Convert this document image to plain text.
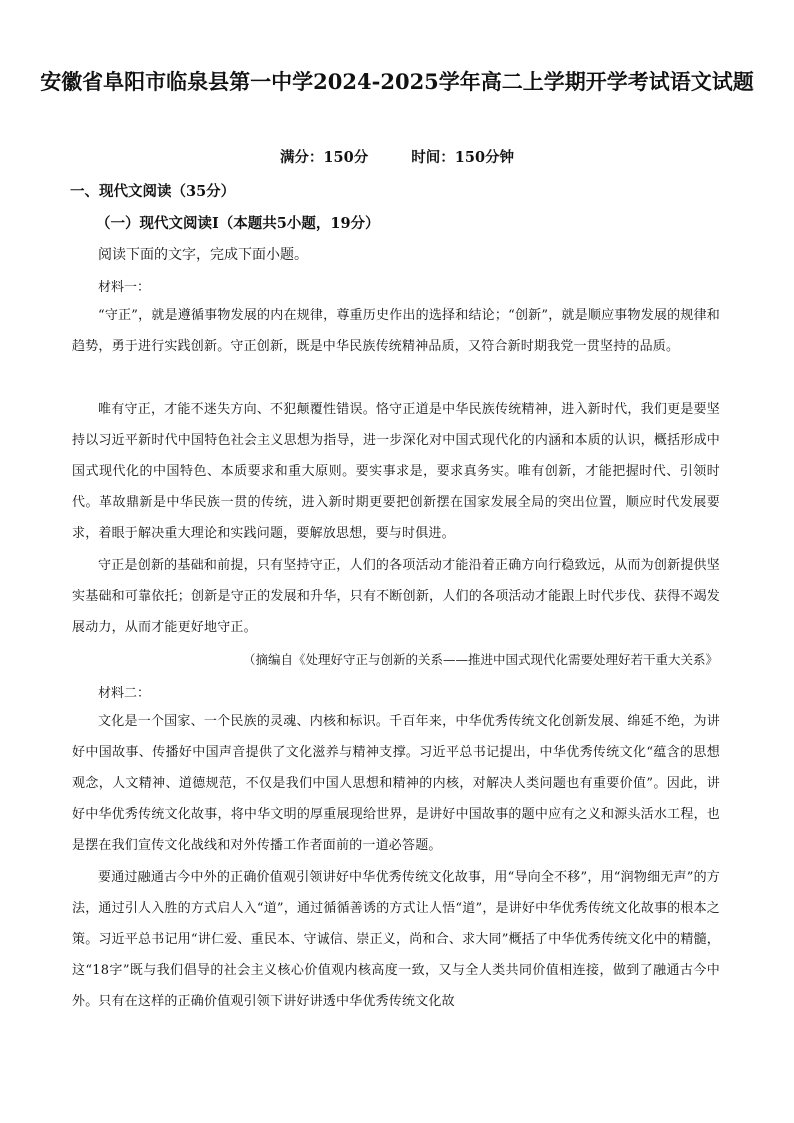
安徽省阜阳市临泉县第一中学2024-2025学年高二上学期开学考试语文试题
满分：150分	时间：150分钟
一、现代文阅读（35分）
（一）现代文阅读Ⅰ（本题共5小题，19分）
阅读下面的文字，完成下面小题。
材料一：
“守正”，就是遵循事物发展的内在规律，尊重历史作出的选择和结论；“创新”，就是顺应事物发展的规律和趋势，勇于进行实践创新。守正创新，既是中华民族传统精神品质，又符合新时期我党一贯坚持的品质。
唯有守正，才能不迷失方向、不犯颠覆性错误。恪守正道是中华民族传统精神，进入新时代，我们更是要坚持以习近平新时代中国特色社会主义思想为指导，进一步深化对中国式现代化的内涵和本质的认识，概括形成中国式现代化的中国特色、本质要求和重大原则。要实事求是，要求真务实。唯有创新，才能把握时代、引领时代。革故鼎新是中华民族一贯的传统，进入新时期更要把创新摆在国家发展全局的突出位置，顺应时代发展要求，着眼于解决重大理论和实践问题，要解放思想，要与时俱进。
守正是创新的基础和前提，只有坚持守正，人们的各项活动才能沿着正确方向行稳致远，从而为创新提供坚实基础和可靠依托；创新是守正的发展和升华，只有不断创新，人们的各项活动才能跟上时代步伐、获得不竭发展动力，从而才能更好地守正。
（摘编自《处理好守正与创新的关系——推进中国式现代化需要处理好若干重大关系》
材料二：
文化是一个国家、一个民族的灵魂、内核和标识。千百年来，中华优秀传统文化创新发展、绵延不绝，为讲好中国故事、传播好中国声音提供了文化滋养与精神支撑。习近平总书记提出，中华优秀传统文化“蕴含的思想观念，人文精神、道德规范，不仅是我们中国人思想和精神的内核，对解决人类问题也有重要价值”。因此，讲好中华优秀传统文化故事，将中华文明的厚重展现给世界，是讲好中国故事的题中应有之义和源头活水工程，也是摆在我们宣传文化战线和对外传播工作者面前的一道必答题。
要通过融通古今中外的正确价值观引领讲好中华优秀传统文化故事，用“导向全不移”，用“润物细无声”的方法，通过引人入胜的方式启人入“道”，通过循循善诱的方式让人悟“道”，是讲好中华优秀传统文化故事的根本之策。习近平总书记用“讲仁爱、重民本、守诚信、崇正义，尚和合、求大同”概括了中华优秀传统文化中的精髓，这“18字”既与我们倡导的社会主义核心价值观内核高度一致，又与全人类共同价值相连接，做到了融通古今中外。只有在这样的正确价值观引领下讲好讲透中华优秀传统文化故
